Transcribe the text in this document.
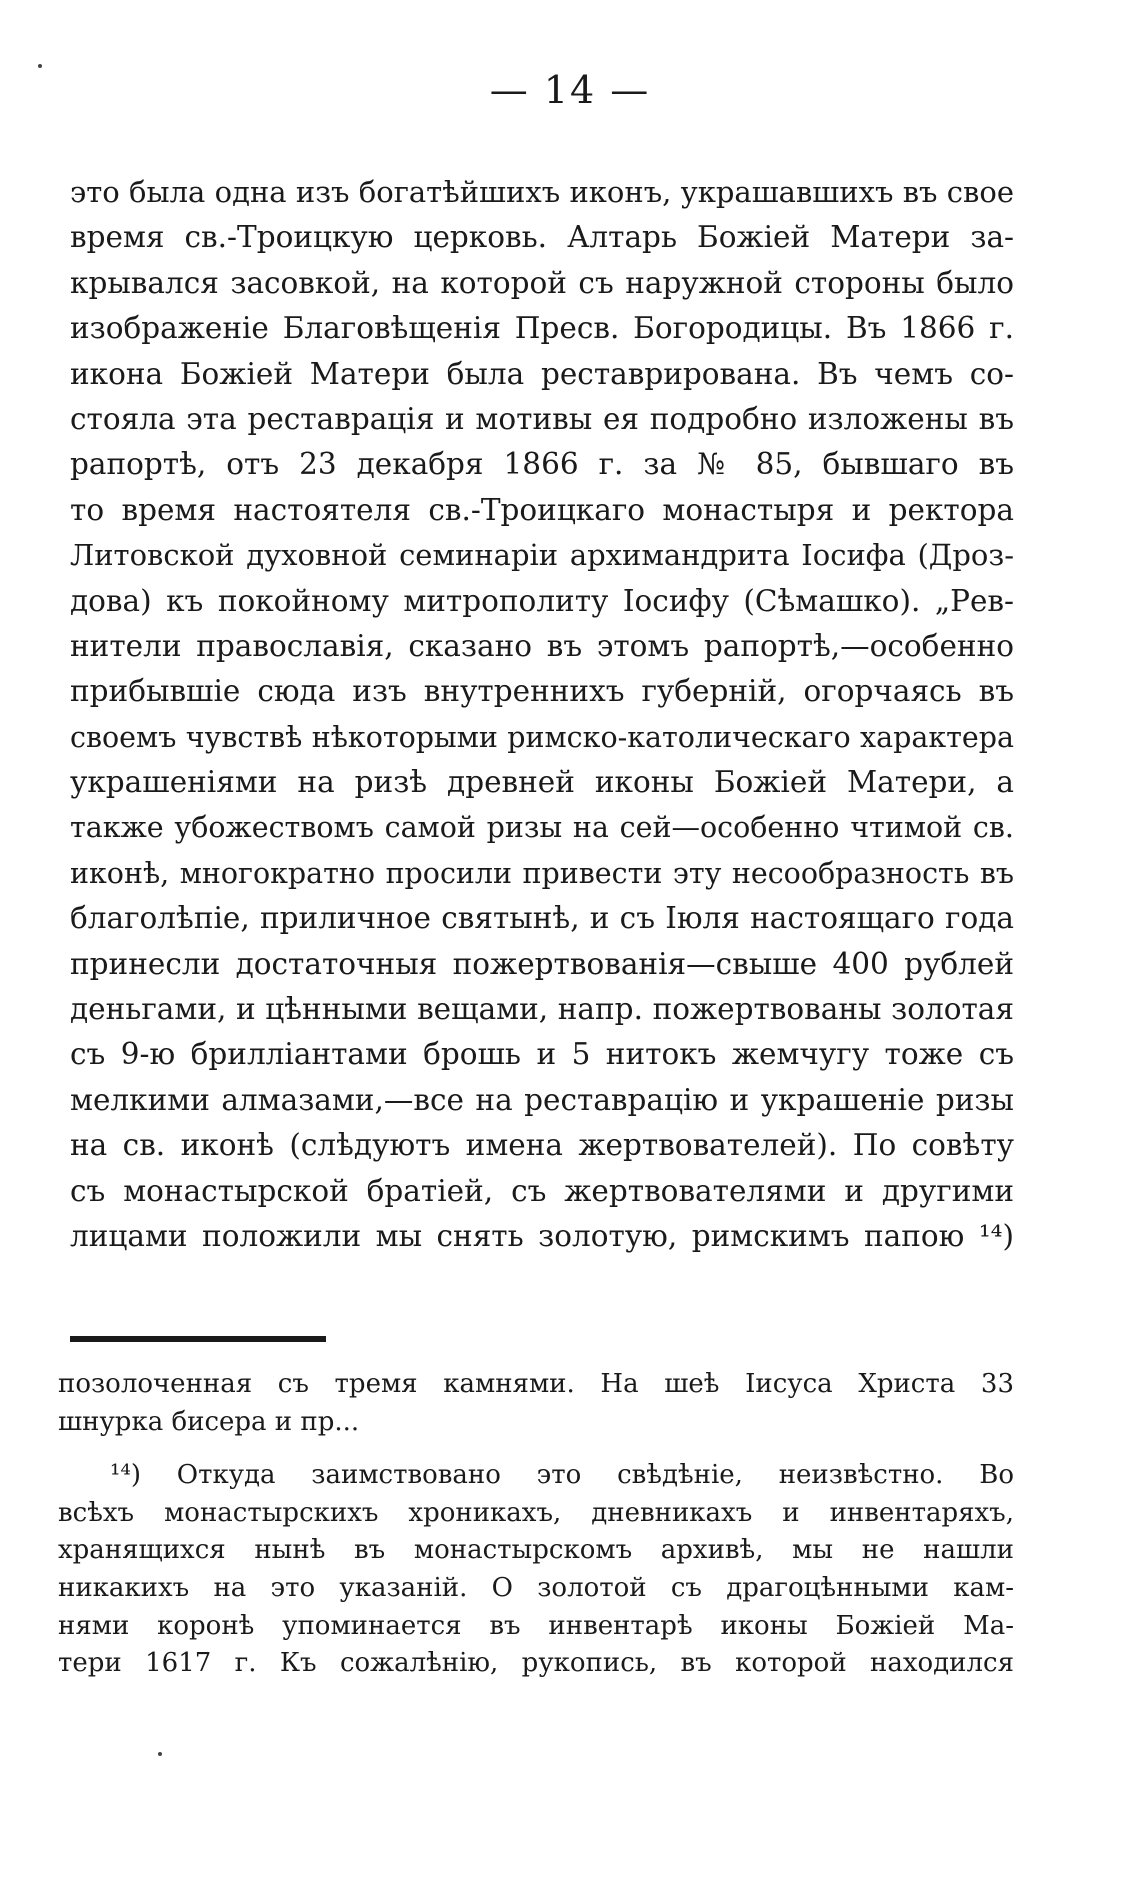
— 14 —
это была одна изъ богатѣйшихъ иконъ, украшавшихъ въ свое
время св.-Троицкую церковь. Алтарь Божіей Матери за-
крывался засовкой, на которой съ наружной стороны было
изображеніе Благовѣщенія Пресв. Богородицы. Въ 1866 г.
икона Божіей Матери была реставрирована. Въ чемъ со-
стояла эта реставрація и мотивы ея подробно изложены въ
рапортѣ, отъ 23 декабря 1866 г. за № 85, бывшаго въ
то время настоятеля св.-Троицкаго монастыря и ректора
Литовской духовной семинаріи архимандрита Іосифа (Дроз-
дова) къ покойному митрополиту Іосифу (Сѣмашко). „Рев-
нители православія, сказано въ этомъ рапортѣ,—особенно
прибывшіе сюда изъ внутреннихъ губерній, огорчаясь въ
своемъ чувствѣ нѣкоторыми римско-католическаго характера
украшеніями на ризѣ древней иконы Божіей Матери, а
также убожествомъ самой ризы на сей—особенно чтимой св.
иконѣ, многократно просили привести эту несообразность въ
благолѣпіе, приличное святынѣ, и съ Іюля настоящаго года
принесли достаточныя пожертвованія—свыше 400 рублей
деньгами, и цѣнными вещами, напр. пожертвованы золотая
съ 9-ю брилліантами брошь и 5 нитокъ жемчугу тоже съ
мелкими алмазами,—все на реставрацію и украшеніе ризы
на св. иконѣ (слѣдуютъ имена жертвователей). По совѣту
съ монастырской братіей, съ жертвователями и другими
лицами положили мы снять золотую, римскимъ папою ¹⁴)
позолоченная съ тремя камнями. На шеѣ Іисуса Христа 33
шнурка бисера и пр...
¹⁴) Откуда заимствовано это свѣдѣніе, неизвѣстно. Во
всѣхъ монастырскихъ хроникахъ, дневникахъ и инвентаряхъ,
хранящихся нынѣ въ монастырскомъ архивѣ, мы не нашли
никакихъ на это указаній. О золотой съ драгоцѣнными кам-
нями коронѣ упоминается въ инвентарѣ иконы Божіей Ма-
тери 1617 г. Къ сожалѣнію, рукопись, въ которой находился
